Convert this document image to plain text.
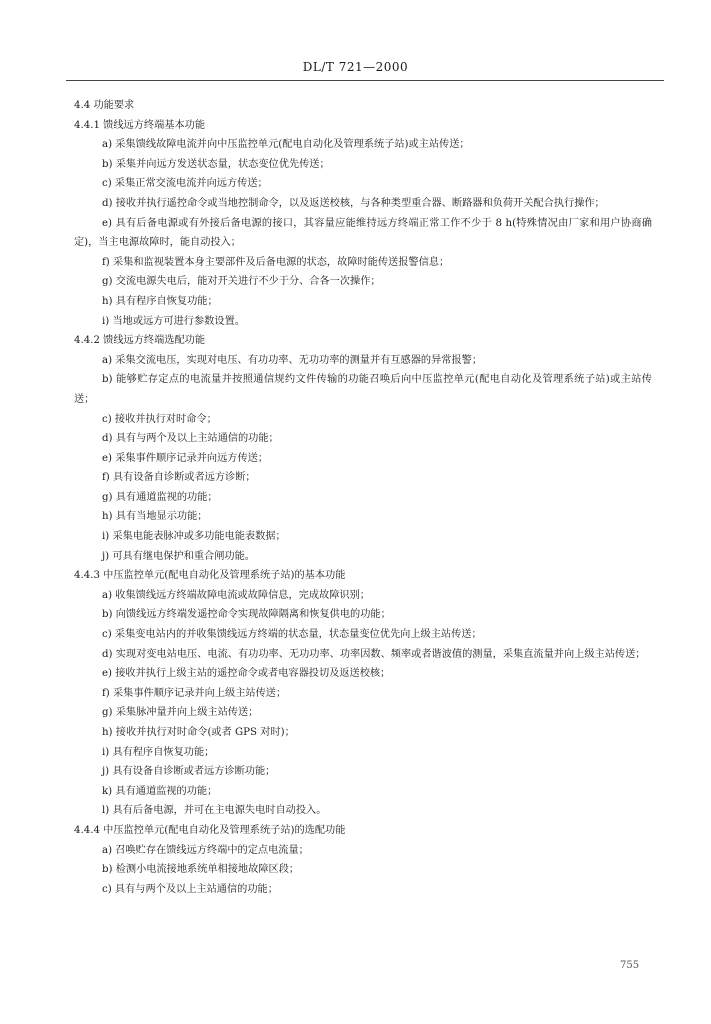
DL/T 721—2000
4.4 功能要求
4.4.1 馈线远方终端基本功能
a) 采集馈线故障电流并向中压监控单元(配电自动化及管理系统子站)或主站传送；
b) 采集并向远方发送状态量，状态变位优先传送；
c) 采集正常交流电流并向远方传送；
d) 接收并执行遥控命令或当地控制命令，以及返送校核，与各种类型重合器、断路器和负荷开关配合执行操作；
e) 具有后备电源或有外接后备电源的接口，其容量应能维持远方终端正常工作不少于 8 h(特殊情况由厂家和用户协商确定)，当主电源故障时，能自动投入；
f) 采集和监视装置本身主要部件及后备电源的状态，故障时能传送报警信息；
g) 交流电源失电后，能对开关进行不少于分、合各一次操作；
h) 具有程序自恢复功能；
i) 当地或远方可进行参数设置。
4.4.2 馈线远方终端选配功能
a) 采集交流电压，实现对电压、有功功率、无功功率的测量并有互感器的异常报警；
b) 能够贮存定点的电流量并按照通信规约文件传输的功能召唤后向中压监控单元(配电自动化及管理系统子站)或主站传送；
c) 接收并执行对时命令；
d) 具有与两个及以上主站通信的功能；
e) 采集事件顺序记录并向远方传送；
f) 具有设备自诊断或者远方诊断；
g) 具有通道监视的功能；
h) 具有当地显示功能；
i) 采集电能表脉冲或多功能电能表数据；
j) 可具有继电保护和重合闸功能。
4.4.3 中压监控单元(配电自动化及管理系统子站)的基本功能
a) 收集馈线远方终端故障电流或故障信息，完成故障识别；
b) 向馈线远方终端发遥控命令实现故障隔离和恢复供电的功能；
c) 采集变电站内的并收集馈线远方终端的状态量，状态量变位优先向上级主站传送；
d) 实现对变电站电压、电流、有功功率、无功功率、功率因数、频率或者谐波值的测量，采集直流量并向上级主站传送；
e) 接收并执行上级主站的遥控命令或者电容器投切及返送校核；
f) 采集事件顺序记录并向上级主站传送；
g) 采集脉冲量并向上级主站传送；
h) 接收并执行对时命令(或者 GPS 对时)；
i) 具有程序自恢复功能；
j) 具有设备自诊断或者远方诊断功能；
k) 具有通道监视的功能；
l) 具有后备电源，并可在主电源失电时自动投入。
4.4.4 中压监控单元(配电自动化及管理系统子站)的选配功能
a) 召唤贮存在馈线远方终端中的定点电流量；
b) 检测小电流接地系统单相接地故障区段；
c) 具有与两个及以上主站通信的功能；
755
